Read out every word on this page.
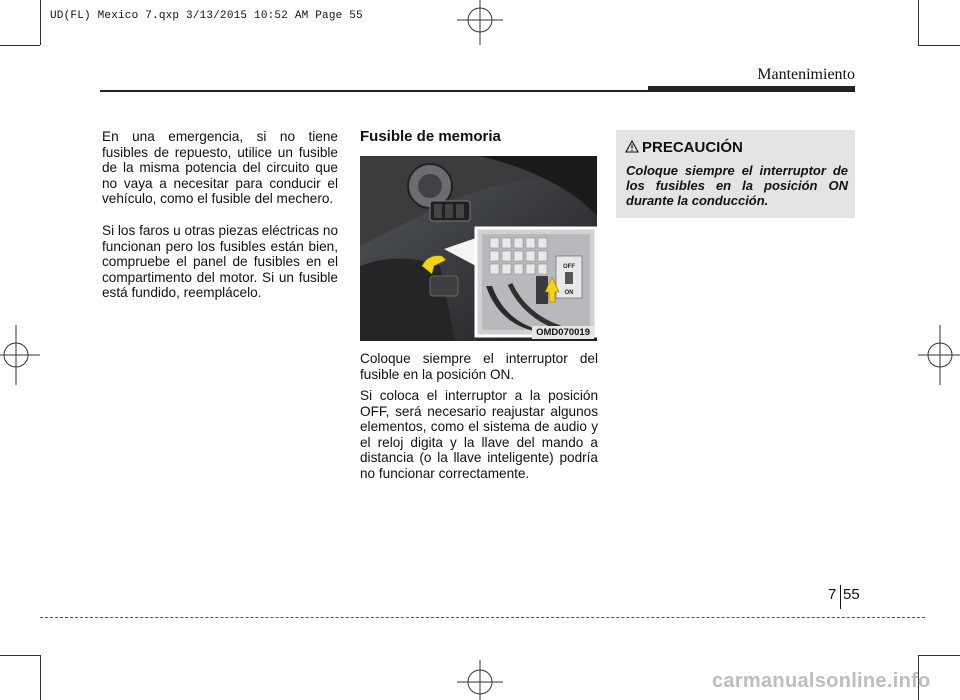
UD(FL) Mexico 7.qxp 3/13/2015 10:52 AM Page 55
Mantenimiento

En una emergencia, si no tiene fusibles de repuesto, utilice un fusible de la misma potencia del circuito que no vaya a necesitar para conducir el vehículo, como el fusible del mechero.

Si los faros u otras piezas eléctricas no funcionan pero los fusibles están bien, compruebe el panel de fusibles en el compartimento del motor. Si un fusible está fundido, reemplácelo.

Fusible de memoria
OFF
ON
OMD070019

Coloque siempre el interruptor del fusible en la posición ON.

Si coloca el interruptor a la posición OFF, será necesario reajustar algunos elementos, como el sistema de audio y el reloj digita y la llave del mando a distancia (o la llave inteligente) podría no funcionar correctamente.

PRECAUCIÓN
Coloque siempre el interruptor de los fusibles en la posición ON durante la conducción.
7 55
carmanualsonline.info
